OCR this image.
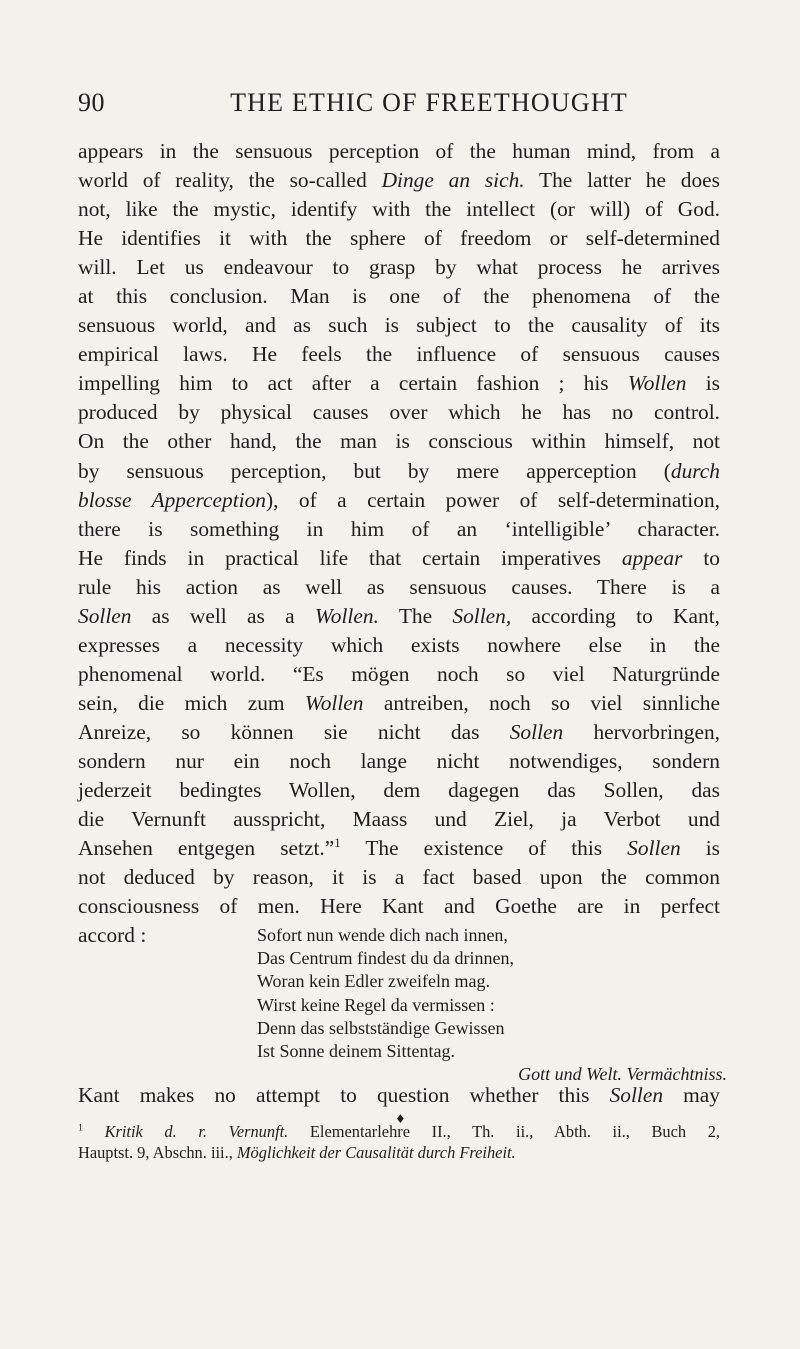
90	THE ETHIC OF FREETHOUGHT
appears in the sensuous perception of the human mind, from a
world of reality, the so-called Dinge an sich. The latter he does
not, like the mystic, identify with the intellect (or will) of God.
He identifies it with the sphere of freedom or self-determined
will. Let us endeavour to grasp by what process he arrives
at this conclusion. Man is one of the phenomena of the
sensuous world, and as such is subject to the causality of its
empirical laws. He feels the influence of sensuous causes
impelling him to act after a certain fashion ; his Wollen is
produced by physical causes over which he has no control.
On the other hand, the man is conscious within himself, not
by sensuous perception, but by mere apperception (durch
blosse Apperception), of a certain power of self-determination,
there is something in him of an ‘intelligible’ character.
He finds in practical life that certain imperatives appear to
rule his action as well as sensuous causes. There is a
Sollen as well as a Wollen. The Sollen, according to Kant,
expresses a necessity which exists nowhere else in the
phenomenal world. “Es mögen noch so viel Naturgründe
sein, die mich zum Wollen antreiben, noch so viel sinnliche
Anreize, so können sie nicht das Sollen hervorbringen,
sondern nur ein noch lange nicht notwendiges, sondern
jederzeit bedingtes Wollen, dem dagegen das Sollen, das
die Vernunft ausspricht, Maass und Ziel, ja Verbot und
Ansehen entgegen setzt.”$^1$ The existence of this Sollen is
not deduced by reason, it is a fact based upon the common
consciousness of men. Here Kant and Goethe are in perfect
accord :	Sofort nun wende dich nach innen,
Das Centrum findest du da drinnen,
Woran kein Edler zweifeln mag.
Wirst keine Regel da vermissen :
Denn das selbstständige Gewissen
Ist Sonne deinem Sittentag.
Gott und Welt. Vermächtniss.
Kant makes no attempt to question whether this Sollen may
♦
$^1$ Kritik d. r. Vernunft. Elementarlehre II., Th. ii., Abth. ii., Buch 2,
Hauptst. 9, Abschn. iii., Möglichkeit der Causalität durch Freiheit.
